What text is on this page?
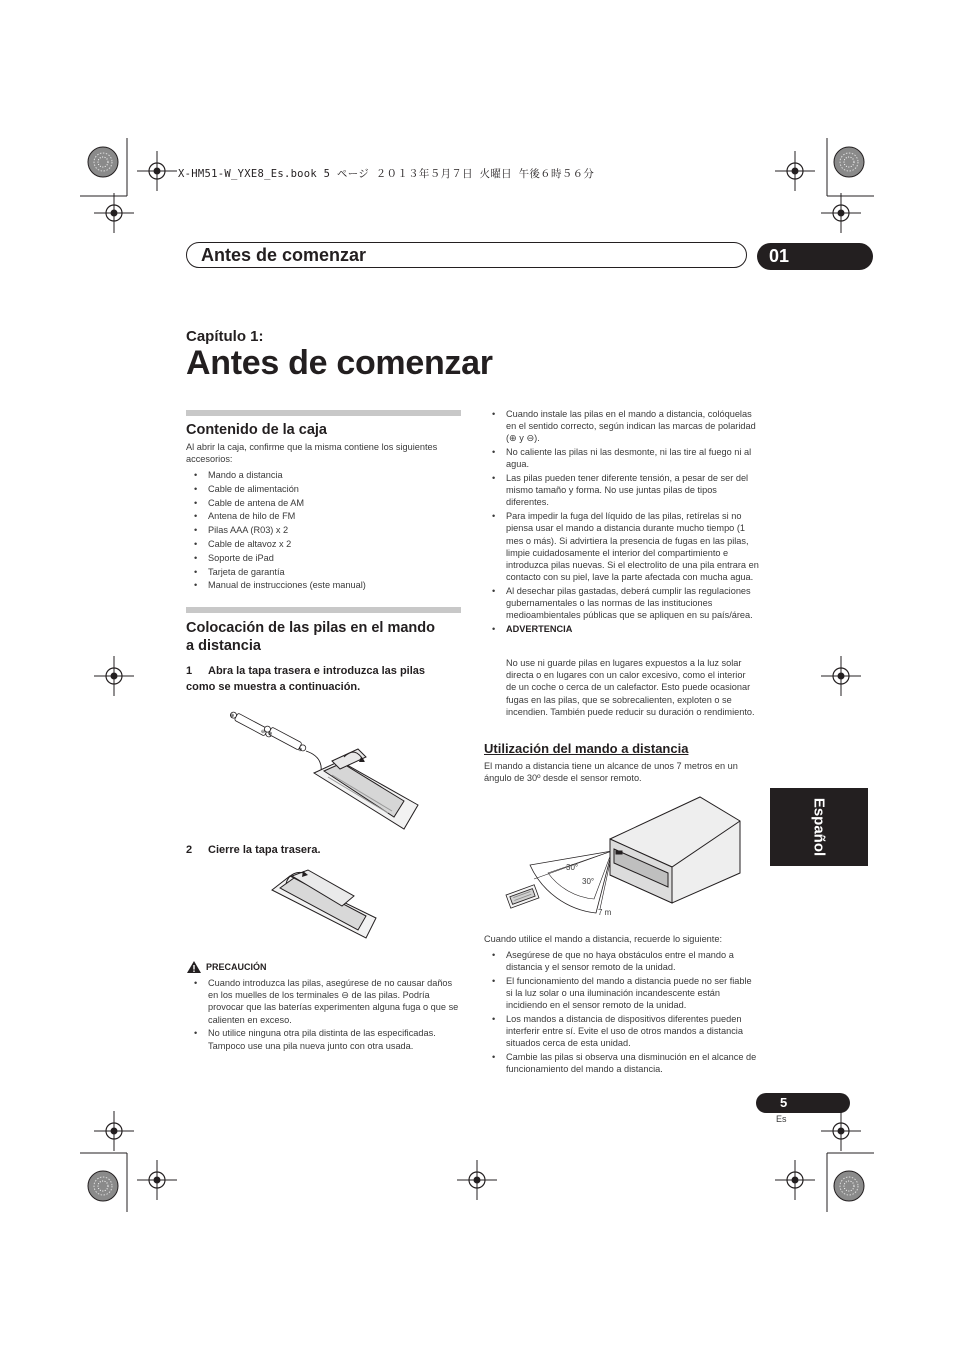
X-HM51-W_YXE8_Es.book 5 ページ ２０１３年５月７日 火曜日 午後６時５６分
Antes de comenzar	01
Capítulo 1:
Antes de comenzar
Contenido de la caja
Al abrir la caja, confirme que la misma contiene los siguientes accesorios:
• Mando a distancia
• Cable de alimentación
• Cable de antena de AM
• Antena de hilo de FM
• Pilas AAA (R03) x 2
• Cable de altavoz x 2
• Soporte de iPad
• Tarjeta de garantía
• Manual de instrucciones (este manual)
Colocación de las pilas en el mando
a distancia
1 Abra la tapa trasera e introduzca las pilas
como se muestra a continuación.
⊕
⊖ ⊕
⊖
2 Cierre la tapa trasera.
PRECAUCIÓN
• Cuando introduzca las pilas, asegúrese de no causar daños en los muelles de los terminales ⊖ de las pilas. Podría provocar que las baterías experimenten alguna fuga o que se calienten en exceso.
• No utilice ninguna otra pila distinta de las especificadas. Tampoco use una pila nueva junto con otra usada.
• Cuando instale las pilas en el mando a distancia, colóquelas en el sentido correcto, según indican las marcas de polaridad (⊕ y ⊖).
• No caliente las pilas ni las desmonte, ni las tire al fuego ni al agua.
• Las pilas pueden tener diferente tensión, a pesar de ser del mismo tamaño y forma. No use juntas pilas de tipos diferentes.
• Para impedir la fuga del líquido de las pilas, retírelas si no piensa usar el mando a distancia durante mucho tiempo (1 mes o más). Si advirtiera la presencia de fugas en las pilas, limpie cuidadosamente el interior del compartimiento e introduzca pilas nuevas. Si el electrolito de una pila entrara en contacto con su piel, lave la parte afectada con mucha agua.
• Al desechar pilas gastadas, deberá cumplir las regulaciones gubernamentales o las normas de las instituciones medioambientales públicas que se apliquen en su país/área.
• ADVERTENCIA
No use ni guarde pilas en lugares expuestos a la luz solar directa o en lugares con un calor excesivo, como el interior de un coche o cerca de un calefactor. Esto puede ocasionar fugas en las pilas, que se sobrecalienten, exploten o se incendien. También puede reducir su duración o rendimiento.
Utilización del mando a distancia
El mando a distancia tiene un alcance de unos 7 metros en un ángulo de 30º desde el sensor remoto.
30°
30°
7 m
Cuando utilice el mando a distancia, recuerde lo siguiente:
• Asegúrese de que no haya obstáculos entre el mando a distancia y el sensor remoto de la unidad.
• El funcionamiento del mando a distancia puede no ser fiable si la luz solar o una iluminación incandescente están incidiendo en el sensor remoto de la unidad.
• Los mandos a distancia de dispositivos diferentes pueden interferir entre sí. Evite el uso de otros mandos a distancia situados cerca de esta unidad.
• Cambie las pilas si observa una disminución en el alcance de funcionamiento del mando a distancia.
Español
5
Es
